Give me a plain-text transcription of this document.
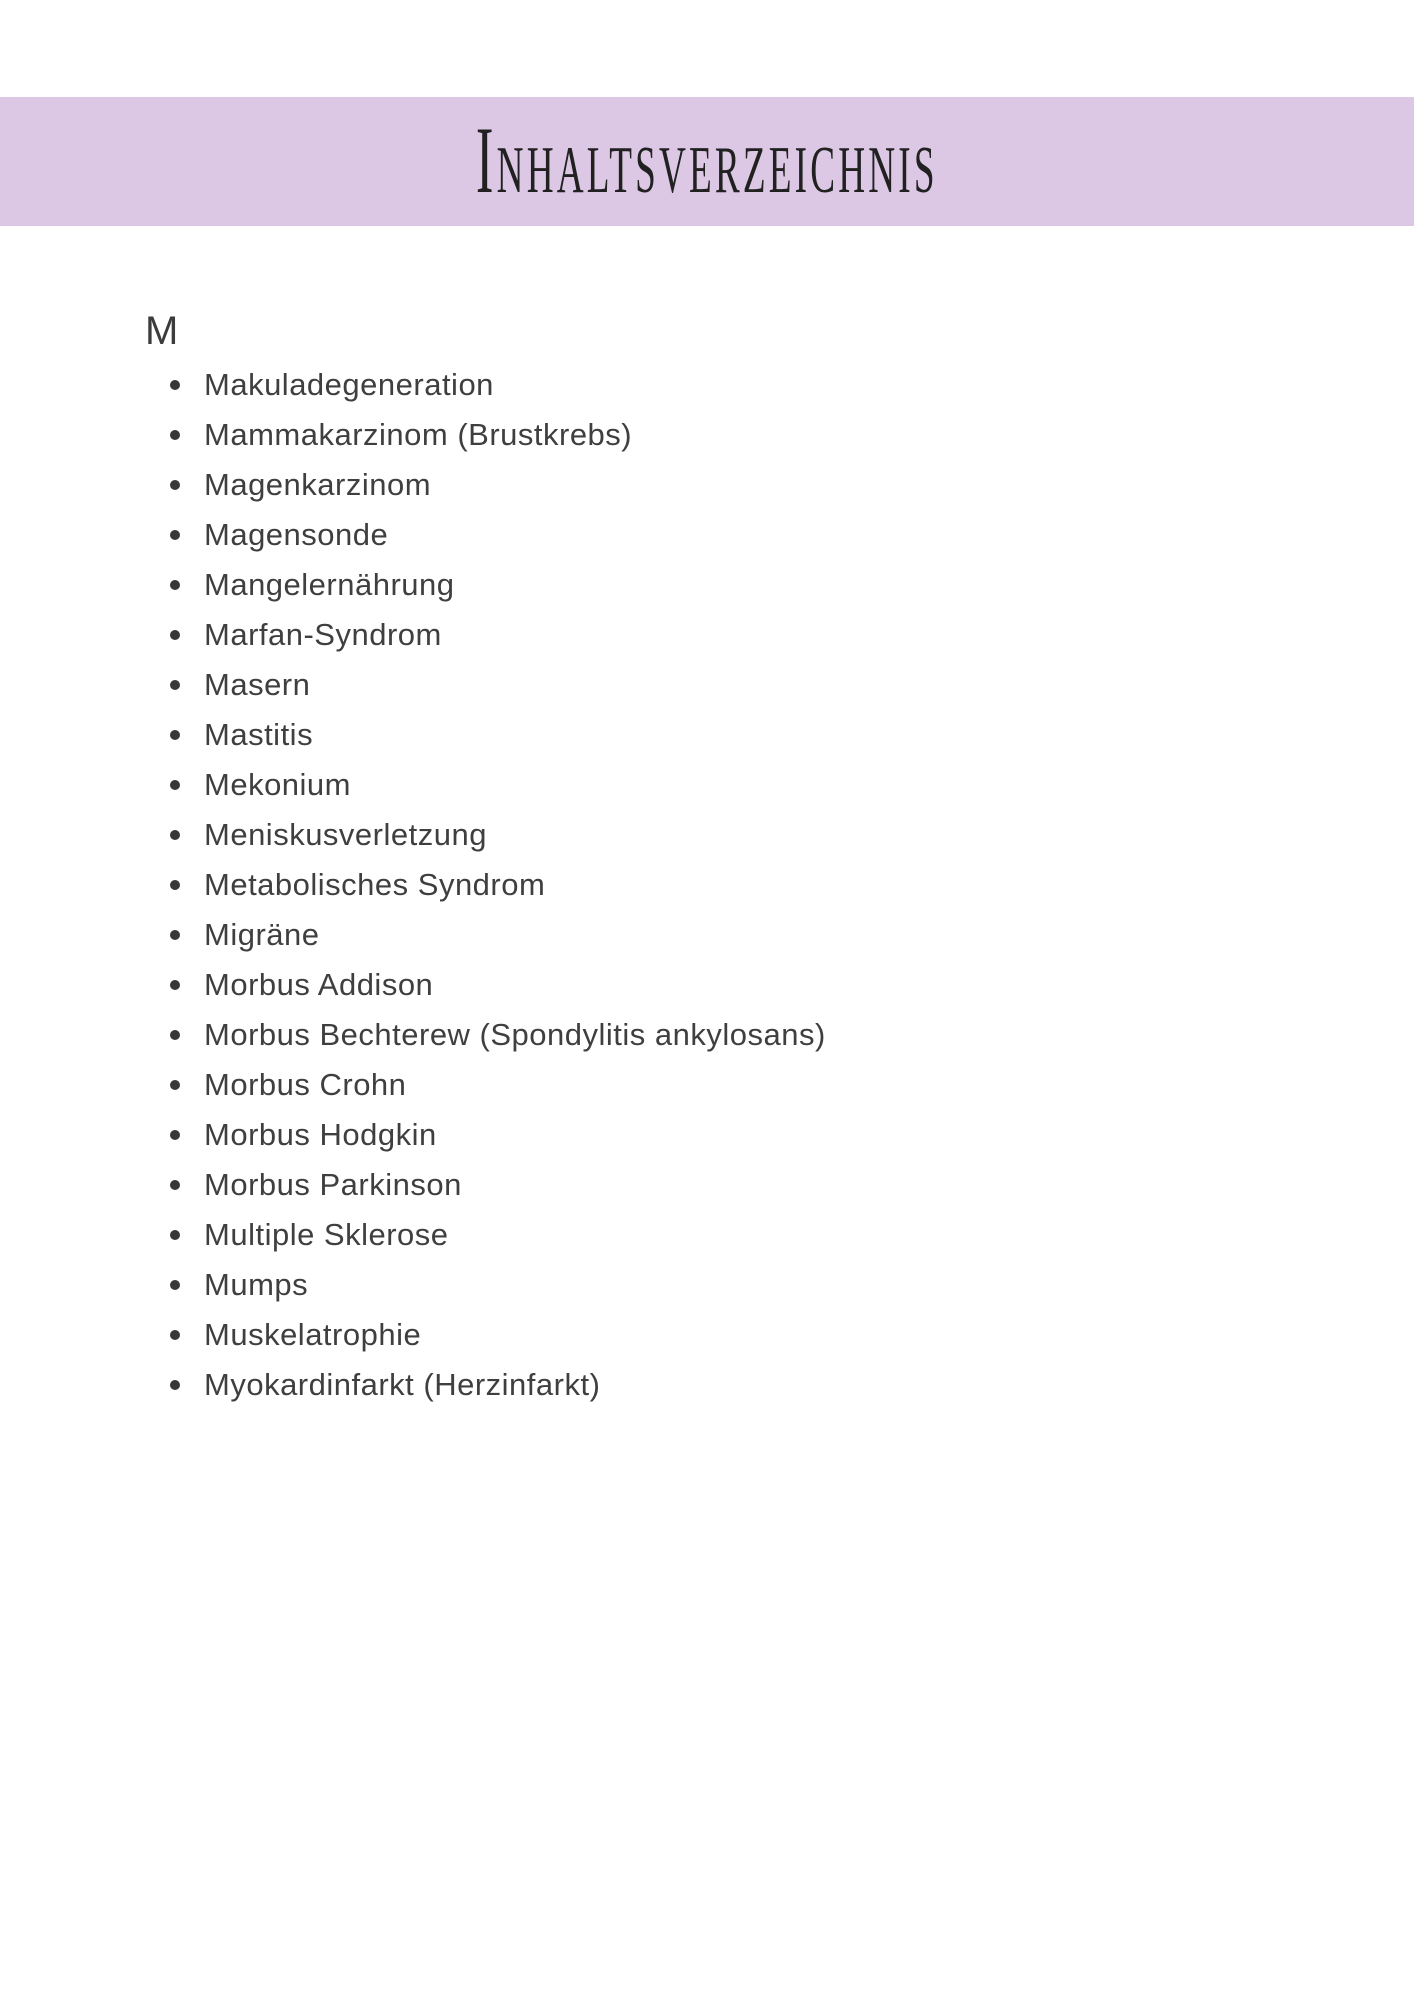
Inhaltsverzeichnis
M
Makuladegeneration
Mammakarzinom (Brustkrebs)
Magenkarzinom
Magensonde
Mangelernährung
Marfan-Syndrom
Masern
Mastitis
Mekonium
Meniskusverletzung
Metabolisches Syndrom
Migräne
Morbus Addison
Morbus Bechterew (Spondylitis ankylosans)
Morbus Crohn
Morbus Hodgkin
Morbus Parkinson
Multiple Sklerose
Mumps
Muskelatrophie
Myokardinfarkt (Herzinfarkt)
